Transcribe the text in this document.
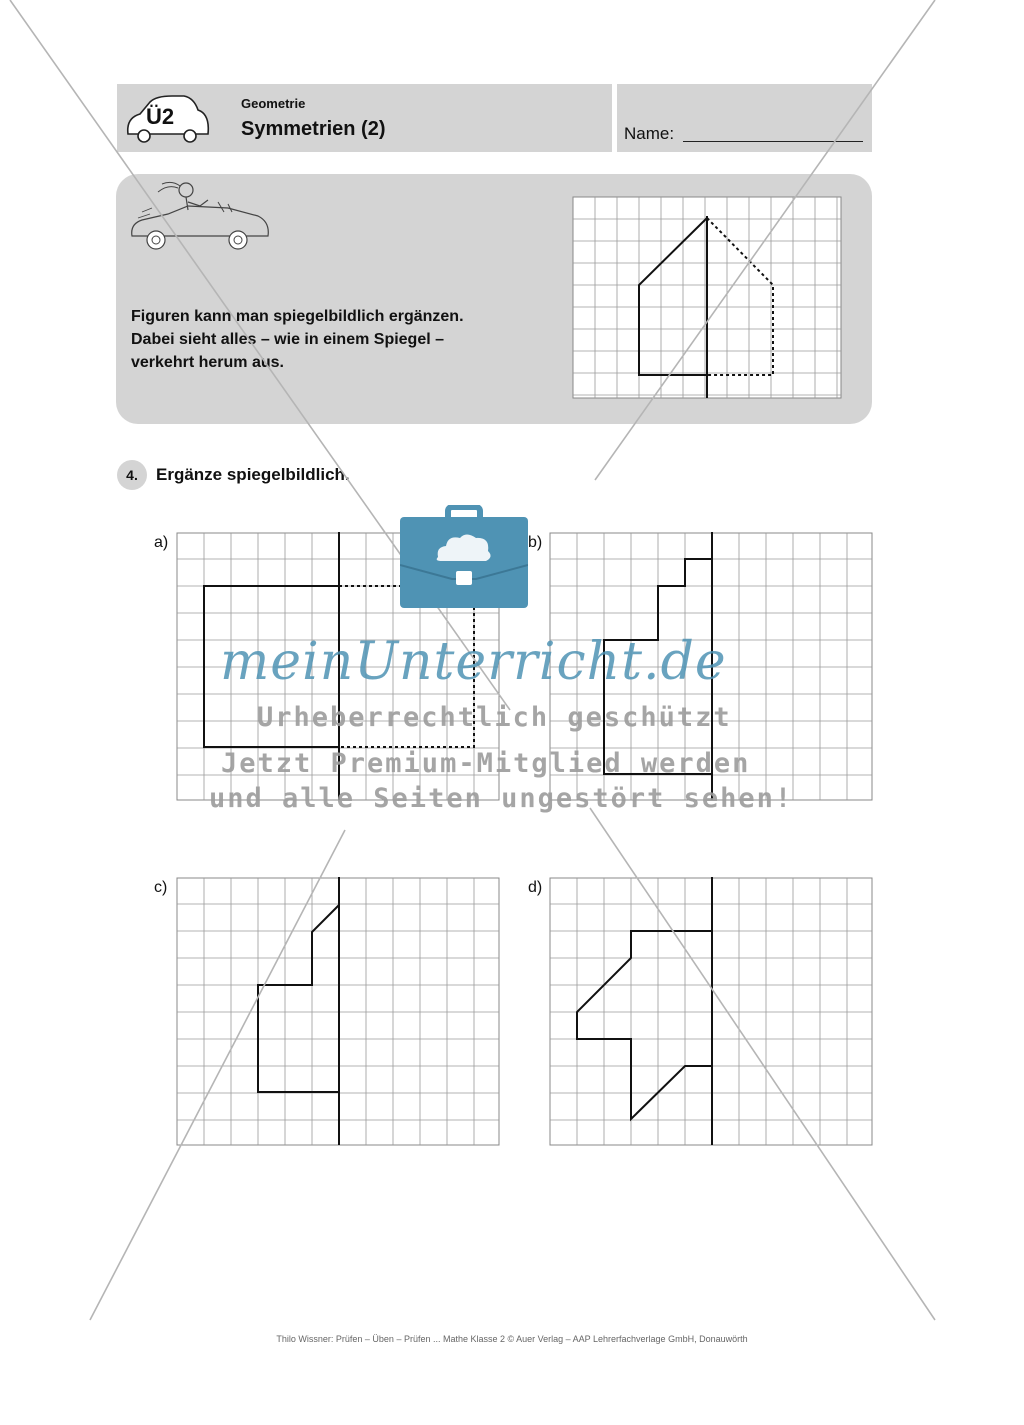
Ü2
Geometrie
Symmetrien (2)	Name:
Figuren kann man spiegelbildlich ergänzen.
Dabei sieht alles – wie in einem Spiegel –
verkehrt herum aus.
4.	Ergänze spiegelbildlich.
a)	b)
c)	d)
Thilo Wissner: Prüfen – Üben – Prüfen ... Mathe Klasse 2 © Auer Verlag – AAP Lehrerfachverlage GmbH, Donauwörth
meinUnterricht.de
Urheberrechtlich geschützt
Jetzt Premium-Mitglied werden
und alle Seiten ungestört sehen!
